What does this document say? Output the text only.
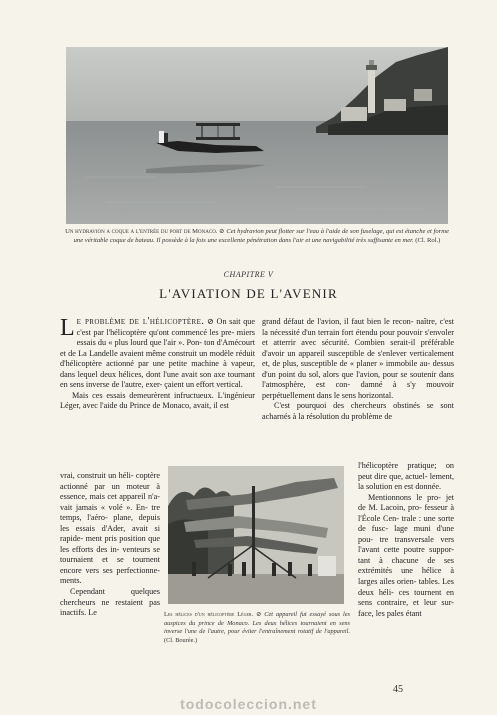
Un hydravion a coque a l'entrée du port de Monaco. ⊘ Cet hydravion peut flotter sur l'eau à l'aide de son fuselage, qui est étanche et forme une véritable coque de bateau. Il possède à la fois une excellente pénétration dans l'air et une navigabilité très suffisante en mer. (Cl. Rol.)
CHAPITRE V
L'AVIATION DE L'AVENIR

Le problème de l'hélicoptère. ⊘ On sait que c'est par l'hélicoptère qu'ont commencé les pre- miers essais du « plus lourd que l'air ». Pon- ton d'Amécourt et de La Landelle avaient même construit un modèle réduit d'hélicoptère actionné par une petite machine à vapeur, dans lequel deux hélices, dont l'une avait son axe tournant en sens inverse de l'autre, exer- çaient un effort vertical.

Mais ces essais demeurèrent infructueux. L'ingénieur Léger, avec l'aide du Prince de Monaco, avait, il est

vrai, construit un héli- coptère actionné par un moteur à essence, mais cet appareil n'a- vait jamais « volé ». En- tre temps, l'aéro- plane, depuis les essais d'Ader, avait si rapide- ment pris position que les efforts des in- venteurs se tournaient et se tournent encore vers ses perfectionne- ments.

Cependant quelques chercheurs ne restaient pas inactifs. Le

grand défaut de l'avion, il faut bien le recon- naître, c'est la nécessité d'un terrain fort étendu pour pouvoir s'envoler et atterrir avec sécurité. Combien serait-il préférable d'avoir un appareil susceptible de s'enlever verticalement et, de plus, susceptible de « planer » immobile au- dessus d'un point du sol, alors que l'avion, pour se soutenir dans l'atmosphère, est con- damné à s'y mouvoir perpétuellement dans le sens horizontal.

C'est pourquoi des chercheurs obstinés se sont acharnés à la résolution du problème de

l'hélicoptère pratique; on peut dire que, actuel- lement, la solution en est donnée.

Mentionnons le pro- jet de M. Lacoin, pro- fesseur à l'École Cen- trale : une sorte de fusc- lage muni d'une pou- tre transversale vers l'avant cette poutre suppor- tant à chacune de ses extrémités une hélice à larges ailes orien- tables. Les deux héli- ces tournent en sens contraire, et leur sur- face, les pales étant

Les hélices d'un hélicoptère Léger. ⊘ Cet appareil fut essayé sous les auspices du prince de Monaco. Les deux hélices tournaient en sens inverse l'une de l'autre, pour éviter l'entraînement rotatif de l'appareil. (Cl. Bourée.)
45
todocoleccion.net
